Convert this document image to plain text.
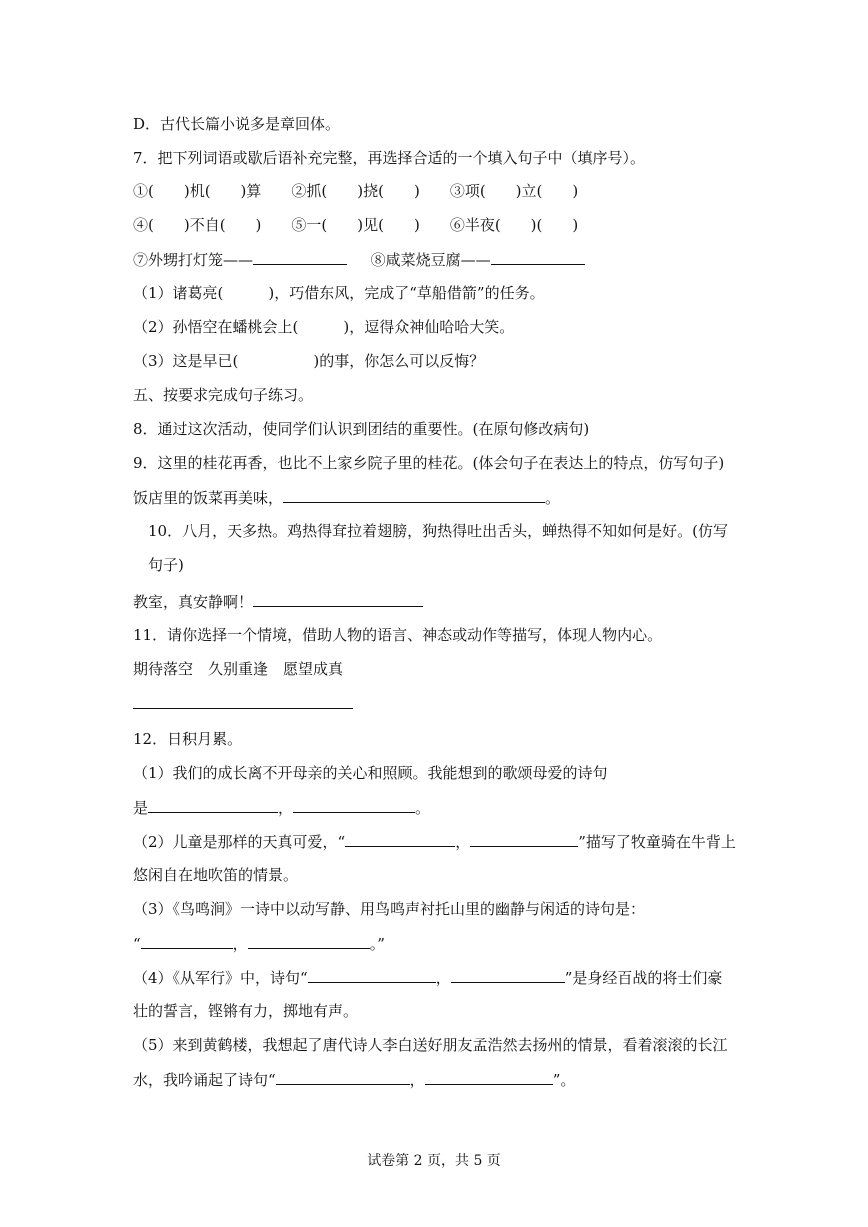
D．古代长篇小说多是章回体。
7．把下列词语或歇后语补充完整，再选择合适的一个填入句子中（填序号）。
①(　　)机(　　)算　　②抓(　　)挠(　　)　　③项(　　)立(　　)
④(　　)不自(　　)　　⑤一(　　)见(　　)　　⑥半夜(　　)(　　)
⑦外甥打灯笼——	⑧咸菜烧豆腐——
（1）诸葛亮(　　　)，巧借东风，完成了“草船借箭”的任务。
（2）孙悟空在蟠桃会上(　　　)，逗得众神仙哈哈大笑。
（3）这是早已(　　　　　)的事，你怎么可以反悔？
五、按要求完成句子练习。
8．通过这次活动，使同学们认识到团结的重要性。(在原句修改病句)
9．这里的桂花再香，也比不上家乡院子里的桂花。(体会句子在表达上的特点，仿写句子)
饭店里的饭菜再美味，	。
10．八月，天多热。鸡热得耷拉着翅膀，狗热得吐出舌头，蝉热得不知如何是好。(仿写
句子)
教室，真安静啊！
11．请你选择一个情境，借助人物的语言、神态或动作等描写，体现人物内心。
期待落空　久别重逢　愿望成真
12．日积月累。
（1）我们的成长离不开母亲的关心和照顾。我能想到的歌颂母爱的诗句
是	，	。
（2）儿童是那样的天真可爱，“	，	”描写了牧童骑在牛背上
悠闲自在地吹笛的情景。
（3）《鸟鸣涧》一诗中以动写静、用鸟鸣声衬托山里的幽静与闲适的诗句是：
“	，	。”
（4）《从军行》中，诗句“	，	”是身经百战的将士们豪
壮的誓言，铿锵有力，掷地有声。
（5）来到黄鹤楼，我想起了唐代诗人李白送好朋友孟浩然去扬州的情景，看着滚滚的长江
水，我吟诵起了诗句“	，	”。
试卷第 2 页，共 5 页
